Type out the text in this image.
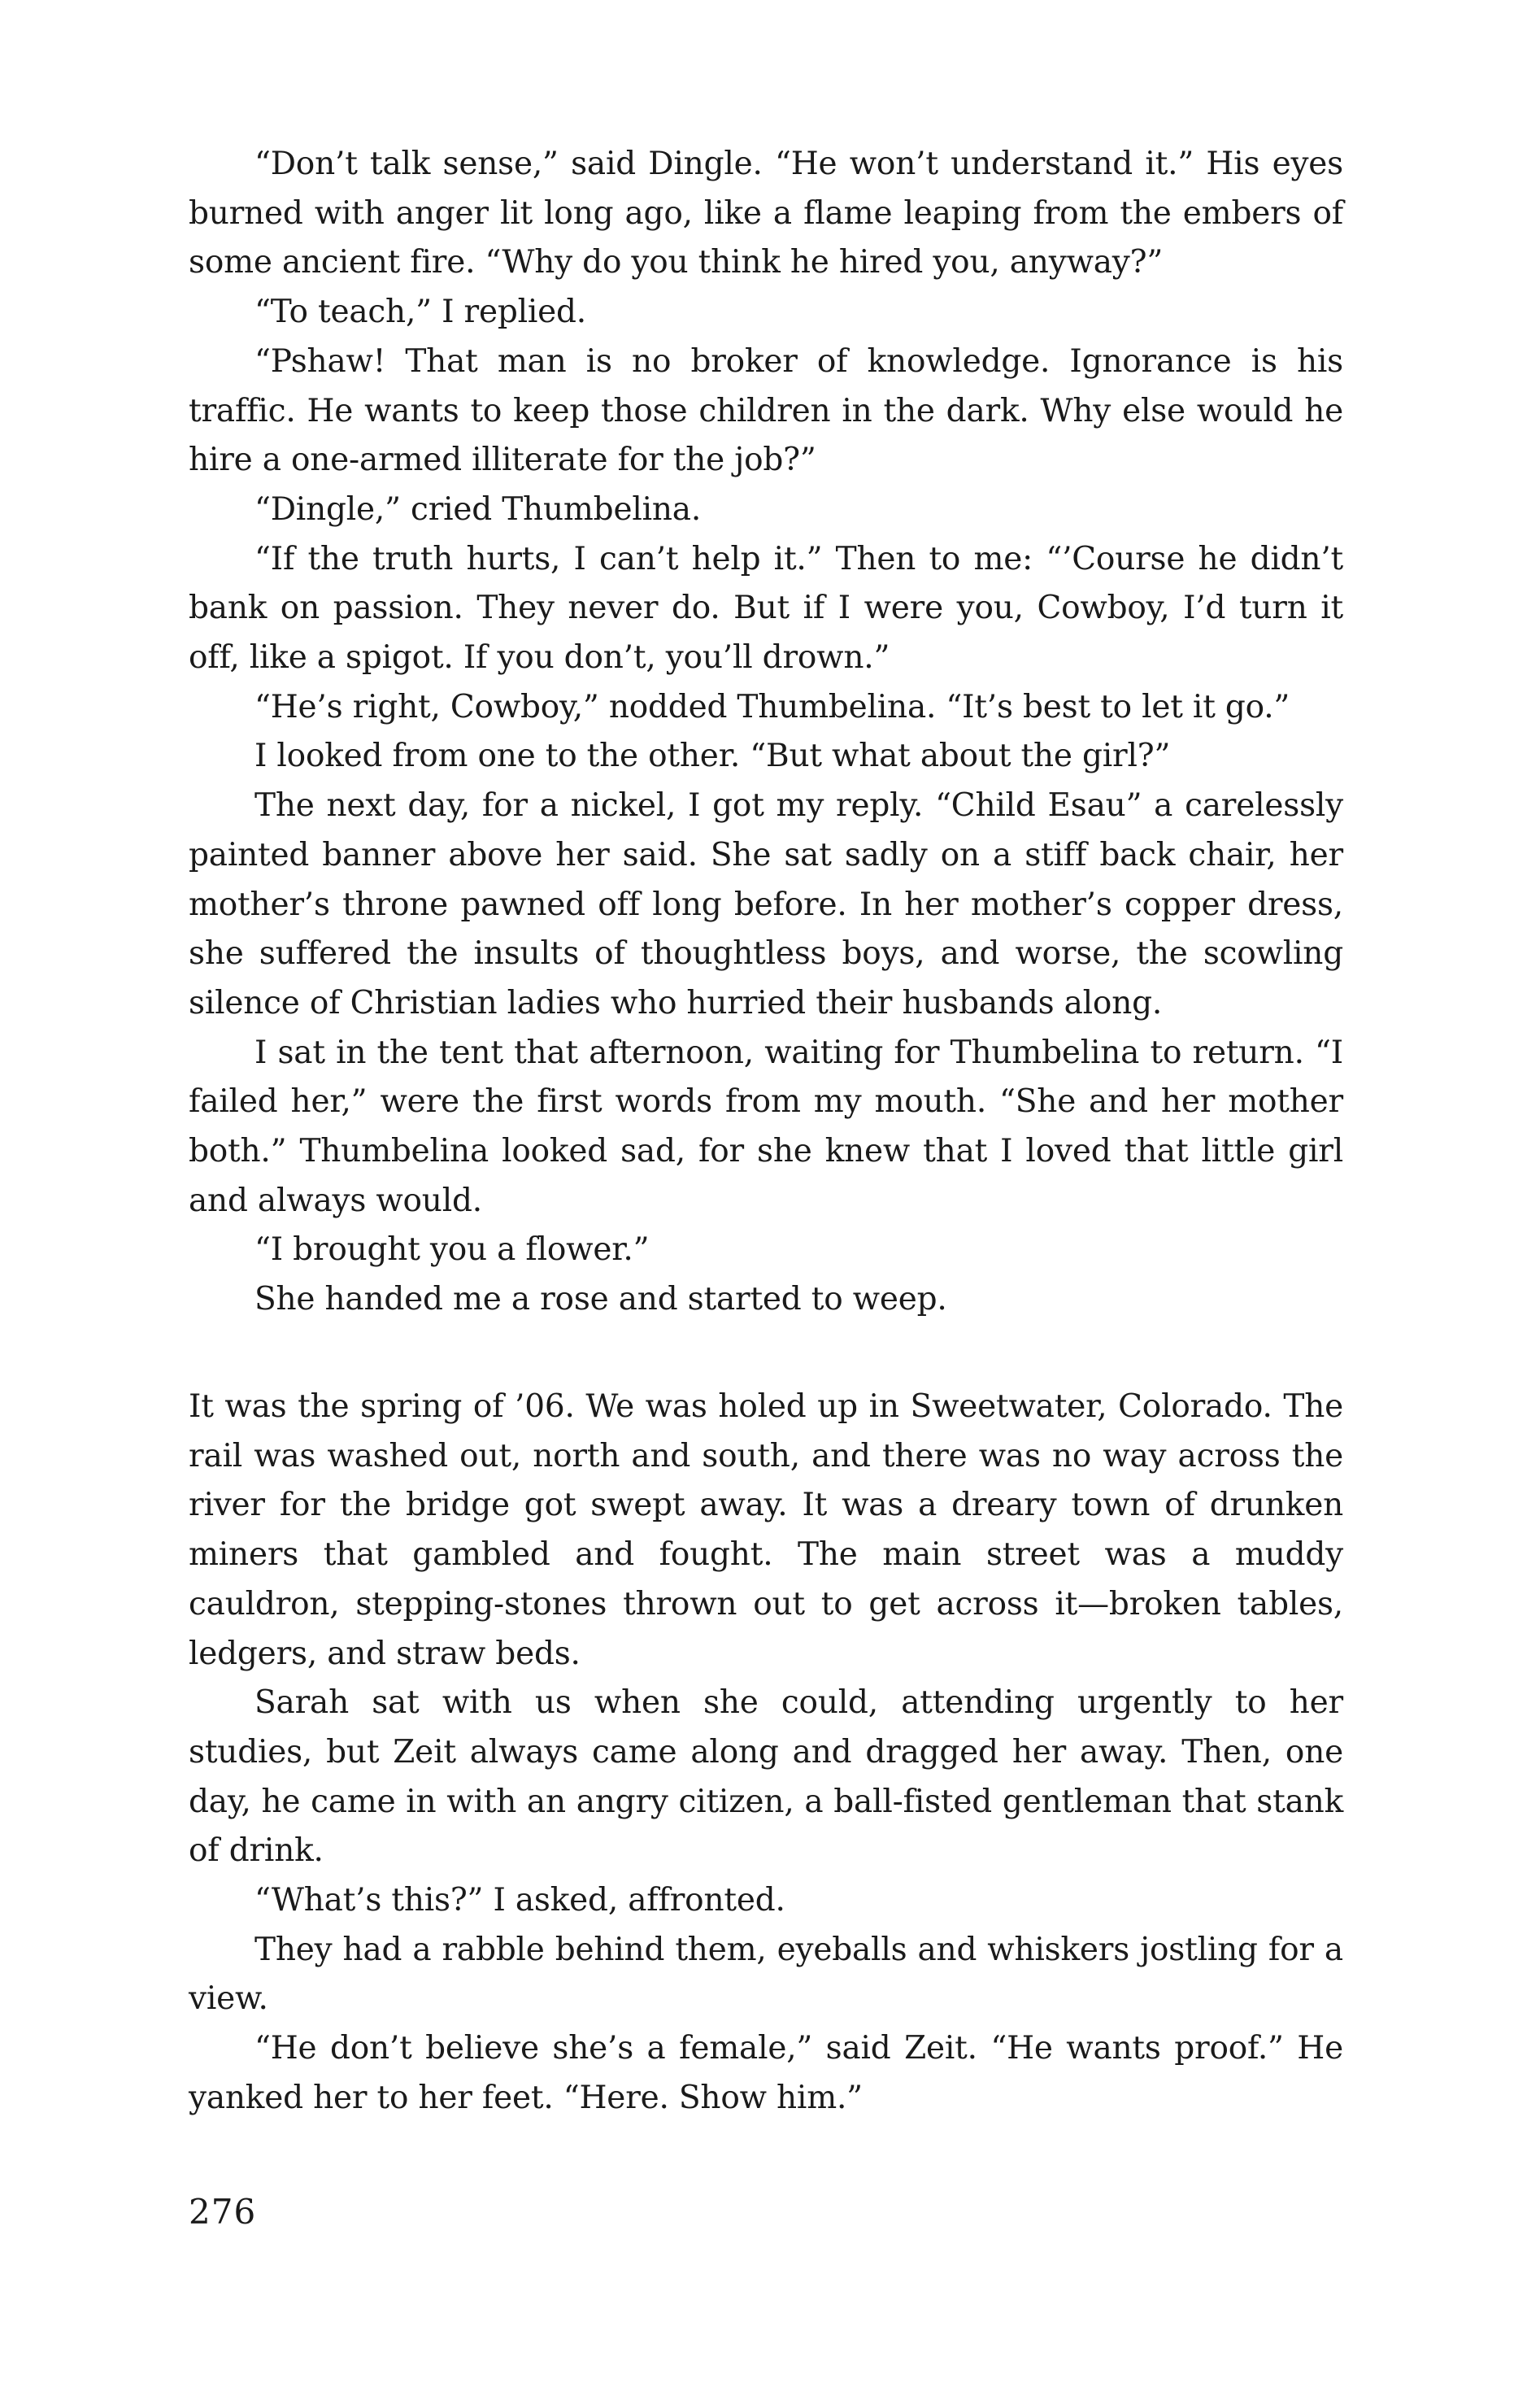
“Don’t talk sense,” said Dingle. “He won’t understand it.” His eyes burned with anger lit long ago, like a flame leaping from the embers of some ancient fire. “Why do you think he hired you, anyway?”

“To teach,” I replied.

“Pshaw! That man is no broker of knowledge. Ignorance is his traffic. He wants to keep those children in the dark. Why else would he hire a one-armed illiterate for the job?”

“Dingle,” cried Thumbelina.

“If the truth hurts, I can’t help it.” Then to me: “’Course he didn’t bank on passion. They never do. But if I were you, Cowboy, I’d turn it off, like a spigot. If you don’t, you’ll drown.”

“He’s right, Cowboy,” nodded Thumbelina. “It’s best to let it go.”

I looked from one to the other. “But what about the girl?”

The next day, for a nickel, I got my reply. “Child Esau” a carelessly painted banner above her said. She sat sadly on a stiff back chair, her mother’s throne pawned off long before. In her mother’s copper dress, she suffered the insults of thoughtless boys, and worse, the scowling silence of Christian ladies who hurried their husbands along.

I sat in the tent that afternoon, waiting for Thumbelina to return. “I failed her,” were the first words from my mouth. “She and her mother both.” Thumbelina looked sad, for she knew that I loved that little girl and always would.

“I brought you a flower.”

She handed me a rose and started to weep.

It was the spring of ’06. We was holed up in Sweetwater, Colorado. The rail was washed out, north and south, and there was no way across the river for the bridge got swept away. It was a dreary town of drunken miners that gambled and fought. The main street was a muddy cauldron, stepping-stones thrown out to get across it—broken tables, ledgers, and straw beds.

Sarah sat with us when she could, attending urgently to her studies, but Zeit always came along and dragged her away. Then, one day, he came in with an angry citizen, a ball-fisted gentleman that stank of drink.

“What’s this?” I asked, affronted.

They had a rabble behind them, eyeballs and whiskers jostling for a view.

“He don’t believe she’s a female,” said Zeit. “He wants proof.” He yanked her to her feet. “Here. Show him.”

276
